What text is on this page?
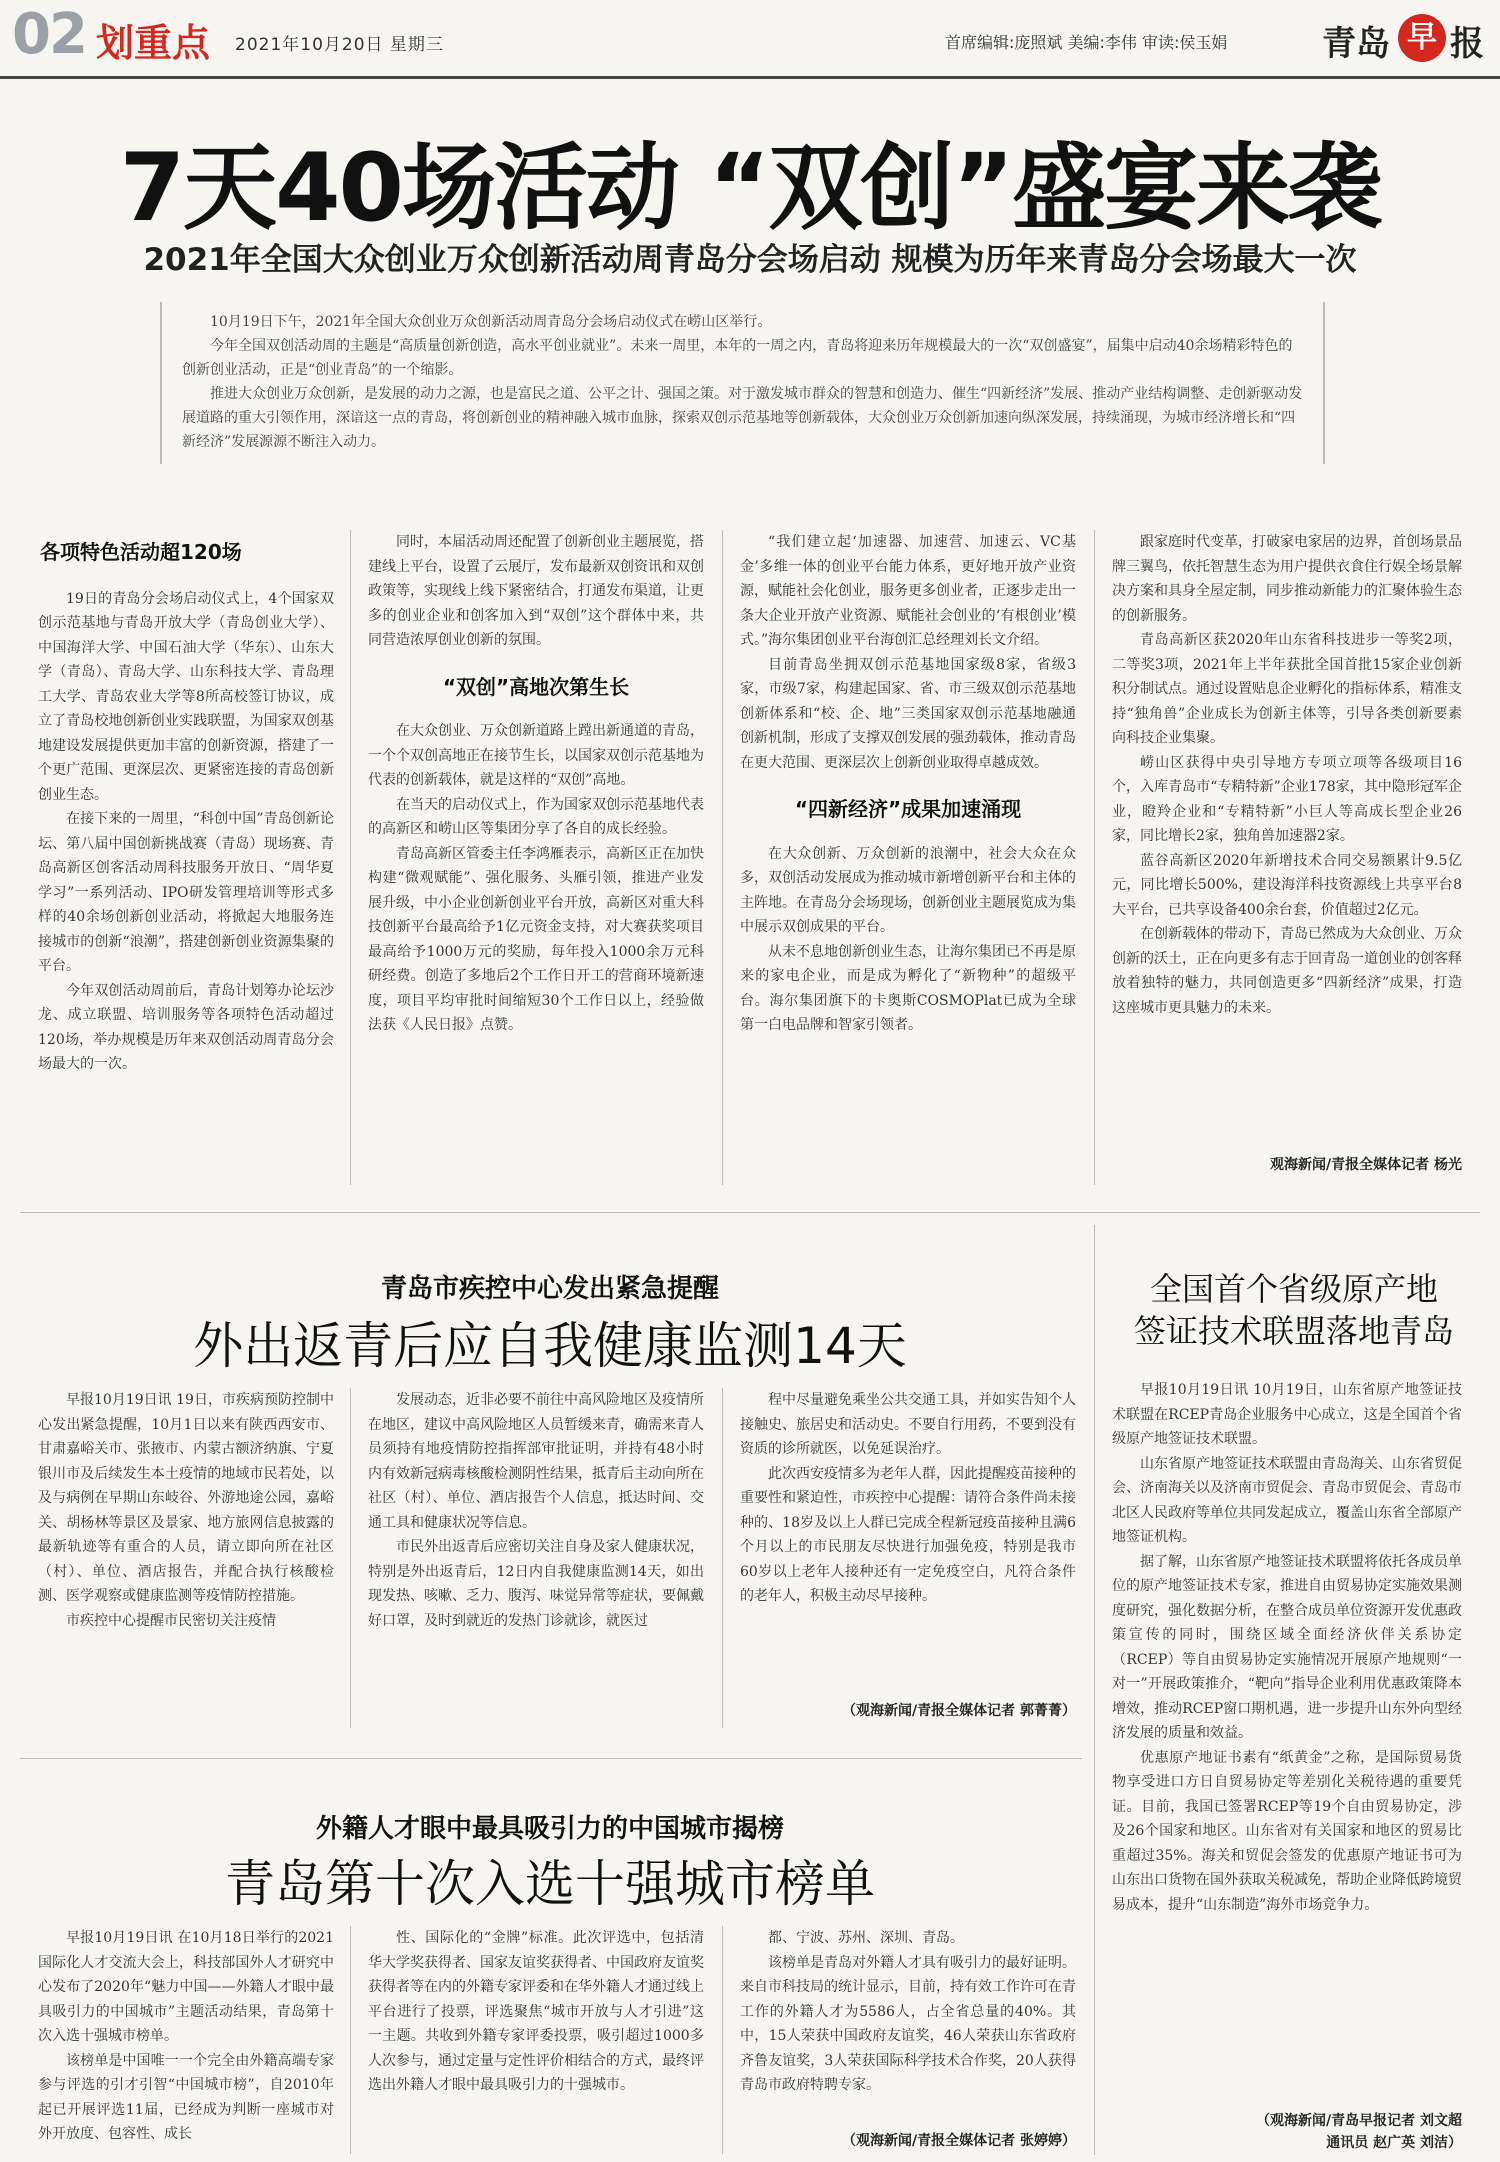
02 划重点 2021年10月20日 星期三	首席编辑:庞照斌 美编:李伟 审读:侯玉娟	青岛 早 报
7天40场活动 “双创”盛宴来袭
2021年全国大众创业万众创新活动周青岛分会场启动 规模为历年来青岛分会场最大一次

10月19日下午，2021年全国大众创业万众创新活动周青岛分会场启动仪式在崂山区举行。

今年全国双创活动周的主题是“高质量创新创造，高水平创业就业”。未来一周里，本年的一周之内，青岛将迎来历年规模最大的一次“双创盛宴”，届集中启动40余场精彩特色的创新创业活动，正是“创业青岛”的一个缩影。

推进大众创业万众创新，是发展的动力之源，也是富民之道、公平之计、强国之策。对于激发城市群众的智慧和创造力、催生“四新经济”发展、推动产业结构调整、走创新驱动发展道路的重大引领作用，深谙这一点的青岛，将创新创业的精神融入城市血脉，探索双创示范基地等创新载体，大众创业万众创新加速向纵深发展，持续涌现，为城市经济增长和“四新经济”发展源源不断注入动力。

各项特色活动超120场

19日的青岛分会场启动仪式上，4个国家双创示范基地与青岛开放大学（青岛创业大学）、中国海洋大学、中国石油大学（华东）、山东大学（青岛）、青岛大学、山东科技大学、青岛理工大学、青岛农业大学等8所高校签订协议，成立了青岛校地创新创业实践联盟，为国家双创基地建设发展提供更加丰富的创新资源，搭建了一个更广范围、更深层次、更紧密连接的青岛创新创业生态。

在接下来的一周里，“科创中国”青岛创新论坛、第八届中国创新挑战赛（青岛）现场赛、青岛高新区创客活动周科技服务开放日、“周华夏学习”一系列活动、IPO研发管理培训等形式多样的40余场创新创业活动，将掀起大地服务连接城市的创新“浪潮”，搭建创新创业资源集聚的平台。

今年双创活动周前后，青岛计划筹办论坛沙龙、成立联盟、培训服务等各项特色活动超过120场，举办规模是历年来双创活动周青岛分会场最大的一次。

同时，本届活动周还配置了创新创业主题展览，搭建线上平台，设置了云展厅，发布最新双创资讯和双创政策等，实现线上线下紧密结合，打通发布渠道，让更多的创业企业和创客加入到“双创”这个群体中来，共同营造浓厚创业创新的氛围。

“双创”高地次第生长

在大众创业、万众创新道路上蹚出新通道的青岛，一个个双创高地正在接节生长，以国家双创示范基地为代表的创新载体，就是这样的“双创”高地。

在当天的启动仪式上，作为国家双创示范基地代表的高新区和崂山区等集团分享了各自的成长经验。

青岛高新区管委主任李鸿雁表示，高新区正在加快构建“微观赋能”、强化服务、头雁引领，推进产业发展升级，中小企业创新创业平台开放，高新区对重大科技创新平台最高给予1亿元资金支持，对大赛获奖项目最高给予1000万元的奖励，每年投入1000余万元科研经费。创造了多地后2个工作日开工的营商环境新速度，项目平均审批时间缩短30个工作日以上，经验做法获《人民日报》点赞。

“我们建立起‘加速器、加速营、加速云、VC基金’多维一体的创业平台能力体系，更好地开放产业资源，赋能社会化创业，服务更多创业者，正逐步走出一条大企业开放产业资源、赋能社会创业的‘有根创业’模式。”海尔集团创业平台海创汇总经理刘长文介绍。

目前青岛坐拥双创示范基地国家级8家，省级3家，市级7家，构建起国家、省、市三级双创示范基地创新体系和“校、企、地”三类国家双创示范基地融通创新机制，形成了支撑双创发展的强劲载体，推动青岛在更大范围、更深层次上创新创业取得卓越成效。

“四新经济”成果加速涌现

在大众创新、万众创新的浪潮中，社会大众在众多，双创活动发展成为推动城市新增创新平台和主体的主阵地。在青岛分会场现场，创新创业主题展览成为集中展示双创成果的平台。

从未不息地创新创业生态，让海尔集团已不再是原来的家电企业，而是成为孵化了“新物种”的超级平台。海尔集团旗下的卡奥斯COSMOPlat已成为全球第一白电品牌和智家引领者。

跟家庭时代变革，打破家电家居的边界，首创场景品牌三翼鸟，依托智慧生态为用户提供衣食住行娱全场景解决方案和具身全屋定制，同步推动新能力的汇聚体验生态的创新服务。

青岛高新区获2020年山东省科技进步一等奖2项，二等奖3项，2021年上半年获批全国首批15家企业创新积分制试点。通过设置贴息企业孵化的指标体系，精准支持“独角兽”企业成长为创新主体等，引导各类创新要素向科技企业集聚。

崂山区获得中央引导地方专项立项等各级项目16个，入库青岛市“专精特新”企业178家，其中隐形冠军企业，瞪羚企业和“专精特新”小巨人等高成长型企业26家，同比增长2家，独角兽加速器2家。

蓝谷高新区2020年新增技术合同交易额累计9.5亿元，同比增长500%，建设海洋科技资源线上共享平台8大平台，已共享设备400余台套，价值超过2亿元。

在创新载体的带动下，青岛已然成为大众创业、万众创新的沃土，正在向更多有志于回青岛一道创业的创客释放着独特的魅力，共同创造更多“四新经济”成果，打造这座城市更具魅力的未来。

观海新闻/青报全媒体记者 杨光
青岛市疾控中心发出紧急提醒
外出返青后应自我健康监测14天

早报10月19日讯 19日，市疾病预防控制中心发出紧急提醒，10月1日以来有陕西西安市、甘肃嘉峪关市、张掖市、内蒙古额济纳旗、宁夏银川市及后续发生本土疫情的地域市民若处，以及与病例在早期山东岐谷、外游地途公园，嘉峪关、胡杨林等景区及景家、地方旅网信息披露的最新轨迹等有重合的人员，请立即向所在社区（村）、单位、酒店报告，并配合执行核酸检测、医学观察或健康监测等疫情防控措施。

市疾控中心提醒市民密切关注疫情

发展动态，近非必要不前往中高风险地区及疫情所在地区，建议中高风险地区人员暂缓来青，确需来青人员须持有地疫情防控指挥部审批证明，并持有48小时内有效新冠病毒核酸检测阴性结果，抵青后主动向所在社区（村）、单位、酒店报告个人信息，抵达时间、交通工具和健康状况等信息。

市民外出返青后应密切关注自身及家人健康状况，特别是外出返青后，12日内自我健康监测14天，如出现发热、咳嗽、乏力、腹泻、味觉异常等症状，要佩戴好口罩，及时到就近的发热门诊就诊，就医过

程中尽量避免乘坐公共交通工具，并如实告知个人接触史、旅居史和活动史。不要自行用药，不要到没有资质的诊所就医，以免延误治疗。

此次西安疫情多为老年人群，因此提醒疫苗接种的重要性和紧迫性，市疾控中心提醒：请符合条件尚未接种的、18岁及以上人群已完成全程新冠疫苗接种且满6个月以上的市民朋友尽快进行加强免疫，特别是我市60岁以上老年人接种还有一定免疫空白，凡符合条件的老年人，积极主动尽早接种。

（观海新闻/青报全媒体记者 郭菁菁）
外籍人才眼中最具吸引力的中国城市揭榜
青岛第十次入选十强城市榜单

早报10月19日讯 在10月18日举行的2021国际化人才交流大会上，科技部国外人才研究中心发布了2020年“魅力中国——外籍人才眼中最具吸引力的中国城市”主题活动结果，青岛第十次入选十强城市榜单。

该榜单是中国唯一一个完全由外籍高端专家参与评选的引才引智“中国城市榜”，自2010年起已开展评选11届，已经成为判断一座城市对外开放度、包容性、成长

性、国际化的“金牌”标准。此次评选中，包括清华大学奖获得者、国家友谊奖获得者、中国政府友谊奖获得者等在内的外籍专家评委和在华外籍人才通过线上平台进行了投票，评选聚焦“城市开放与人才引进”这一主题。共收到外籍专家评委投票，吸引超过1000多人次参与，通过定量与定性评价相结合的方式，最终评选出外籍人才眼中最具吸引力的十强城市。

都、宁波、苏州、深圳、青岛。

该榜单是青岛对外籍人才具有吸引力的最好证明。来自市科技局的统计显示，目前，持有效工作许可在青工作的外籍人才为5586人，占全省总量的40%。其中，15人荣获中国政府友谊奖，46人荣获山东省政府齐鲁友谊奖，3人荣获国际科学技术合作奖，20人获得青岛市政府特聘专家。

（观海新闻/青报全媒体记者 张婷婷）
全国首个省级原产地
签证技术联盟落地青岛

早报10月19日讯 10月19日，山东省原产地签证技术联盟在RCEP青岛企业服务中心成立，这是全国首个省级原产地签证技术联盟。

山东省原产地签证技术联盟由青岛海关、山东省贸促会、济南海关以及济南市贸促会、青岛市贸促会、青岛市北区人民政府等单位共同发起成立，覆盖山东省全部原产地签证机构。

据了解，山东省原产地签证技术联盟将依托各成员单位的原产地签证技术专家，推进自由贸易协定实施效果测度研究，强化数据分析，在整合成员单位资源开发优惠政策宣传的同时，围绕区域全面经济伙伴关系协定（RCEP）等自由贸易协定实施情况开展原产地规则“一对一”开展政策推介，“靶向”指导企业利用优惠政策降本增效，推动RCEP窗口期机遇，进一步提升山东外向型经济发展的质量和效益。

优惠原产地证书素有“纸黄金”之称，是国际贸易货物享受进口方日自贸易协定等差别化关税待遇的重要凭证。目前，我国已签署RCEP等19个自由贸易协定，涉及26个国家和地区。山东省对有关国家和地区的贸易比重超过35%。海关和贸促会签发的优惠原产地证书可为山东出口货物在国外获取关税减免，帮助企业降低跨境贸易成本，提升“山东制造”海外市场竞争力。

（观海新闻/青岛早报记者 刘文超
通讯员 赵广英 刘洁）
